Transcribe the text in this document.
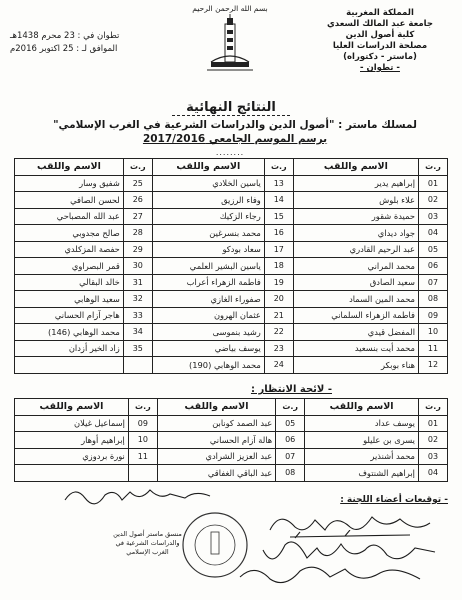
المملكة المغربية
جامعة عبد المالك السعدي
كلية أصول الدين
مصلحة الدراسات العليا
(ماستر - دكتوراه)
- تطوان -
بسم الله الرحمن الرحيم
تطوان في : 23 محرم 1438هـ
الموافق لـ : 25 اكتوبر 2016م
النتائج النهائية
لمسلك ماستر : "أصول الدين والدراسات الشرعية في الغرب الإسلامي"
برسم الموسم الجامعي 2017/2016
........
ر.ت	الاسم واللقب	ر.ت	الاسم واللقب	ر.ت	الاسم واللقب
01	إبراهيم يدير	13	ياسين الخلادي	25	شفيق وسار
02	علاء بلوش	14	وفاء الرزيق	26	لحسن الصافي
03	حميدة شقور	15	رجاء الزكيك	27	عبد الله المصباحي
04	جواد ديداي	16	محمد بنسرغين	28	صالح مجدوبي
05	عبد الرحيم القادري	17	سعاد بودكو	29	حفصة المزكلدي
06	محمد المراني	18	ياسين البشير العلمي	30	قمر البصراوي
07	سعيد الصادق	19	فاطمة الزهراء أعراب	31	خالد البقالي
08	محمد المين السماد	20	صفوراء الغازي	32	سعيد الوهابي
09	فاطمة الزهراء السلماني	21	عثمان الهرون	33	هاجر آزام الحساني
10	المفضل قيدي	22	رشيد بنموسى	34	محمد الوهابي (146)
11	محمد أيت بنسعيد	23	يوسف بياضي	35	زاد الخير أزدان
12	هناء بوبكر	24	محمد الوهابي (190)		
- لائحة الانتظار :
ر.ت	الاسم واللقب	ر.ت	الاسم واللقب	ر.ت	الاسم واللقب
01	يوسف عداد	05	عبد الصمد كونابن	09	إسماعيل غيلان
02	يسرى بن عليلو	06	هالة آزام الحساني	10	إبراهيم أوهار
03	محمد أشنذير	07	عبد العزيز الشرادي	11	نورة بردوزي
04	إبراهيم الشنتوف	08	عبد الباقي الغفاقي		
- توقيعات أعضاء اللجنة :
منسق ماستر أصول الدين
والدراسات الشرعية في
الغرب الإسلامي
